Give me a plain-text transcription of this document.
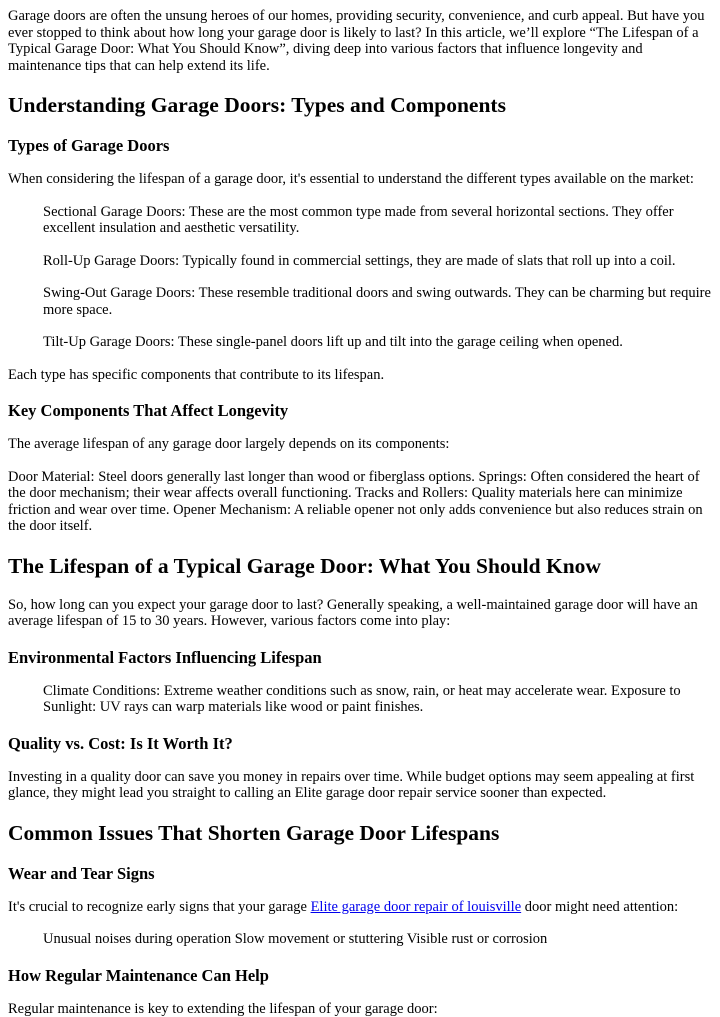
Garage doors are often the unsung heroes of our homes, providing security, convenience, and curb appeal. But have you ever stopped to think about how long your garage door is likely to last? In this article, we’ll explore “The Lifespan of a Typical Garage Door: What You Should Know”, diving deep into various factors that influence longevity and maintenance tips that can help extend its life.

Understanding Garage Doors: Types and Components
Types of Garage Doors

When considering the lifespan of a garage door, it's essential to understand the different types available on the market:

Sectional Garage Doors: These are the most common type made from several horizontal sections. They offer excellent insulation and aesthetic versatility.

Roll-Up Garage Doors: Typically found in commercial settings, they are made of slats that roll up into a coil.

Swing-Out Garage Doors: These resemble traditional doors and swing outwards. They can be charming but require more space.

Tilt-Up Garage Doors: These single-panel doors lift up and tilt into the garage ceiling when opened.

Each type has specific components that contribute to its lifespan.

Key Components That Affect Longevity

The average lifespan of any garage door largely depends on its components:

Door Material: Steel doors generally last longer than wood or fiberglass options. Springs: Often considered the heart of the door mechanism; their wear affects overall functioning. Tracks and Rollers: Quality materials here can minimize friction and wear over time. Opener Mechanism: A reliable opener not only adds convenience but also reduces strain on the door itself.

The Lifespan of a Typical Garage Door: What You Should Know

So, how long can you expect your garage door to last? Generally speaking, a well-maintained garage door will have an average lifespan of 15 to 30 years. However, various factors come into play:

Environmental Factors Influencing Lifespan

Climate Conditions: Extreme weather conditions such as snow, rain, or heat may accelerate wear. Exposure to Sunlight: UV rays can warp materials like wood or paint finishes.

Quality vs. Cost: Is It Worth It?

Investing in a quality door can save you money in repairs over time. While budget options may seem appealing at first glance, they might lead you straight to calling an Elite garage door repair service sooner than expected.

Common Issues That Shorten Garage Door Lifespans
Wear and Tear Signs

It's crucial to recognize early signs that your garage Elite garage door repair of louisville door might need attention:

Unusual noises during operation Slow movement or stuttering Visible rust or corrosion

How Regular Maintenance Can Help

Regular maintenance is key to extending the lifespan of your garage door:
